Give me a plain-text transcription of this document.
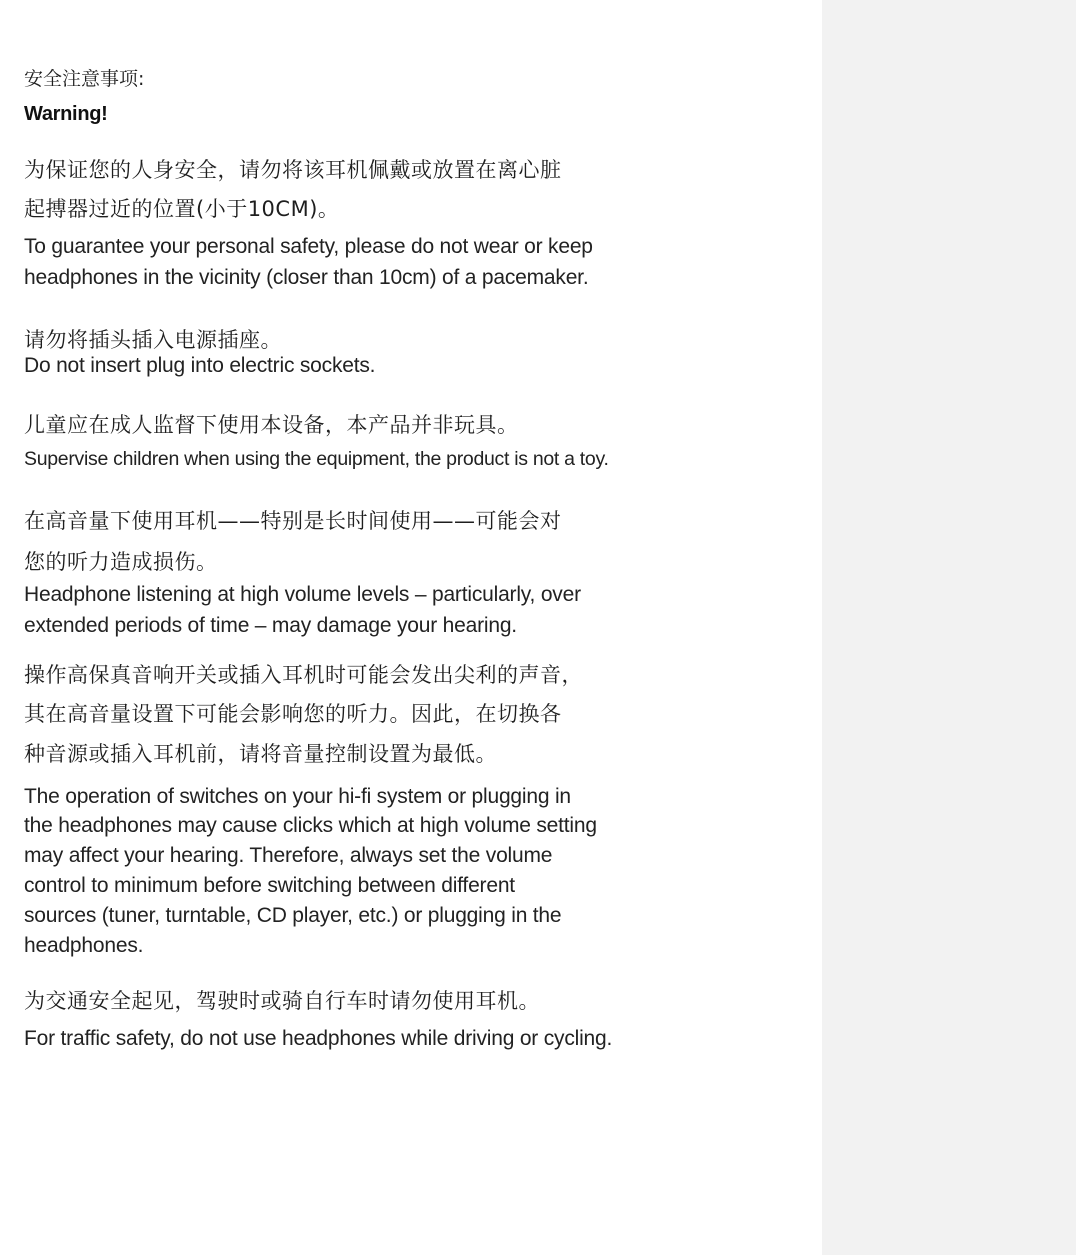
安全注意事项:
Warning!
为保证您的人身安全，请勿将该耳机佩戴或放置在离心脏
起搏器过近的位置(小于10CM)。
To guarantee your personal safety, please do not wear or keep
headphones in the vicinity (closer than 10cm) of a pacemaker.
请勿将插头插入电源插座。
Do not insert plug into electric sockets.
儿童应在成人监督下使用本设备，本产品并非玩具。
Supervise children when using the equipment, the product is not a toy.
在高音量下使用耳机——特别是长时间使用——可能会对
您的听力造成损伤。
Headphone listening at high volume levels – particularly, over
extended periods of time – may damage your hearing.
操作高保真音响开关或插入耳机时可能会发出尖利的声音，
其在高音量设置下可能会影响您的听力。因此，在切换各
种音源或插入耳机前，请将音量控制设置为最低。
The operation of switches on your hi-fi system or plugging in
the headphones may cause clicks which at high volume setting
may affect your hearing. Therefore, always set the volume
control to minimum before switching between different
sources (tuner, turntable, CD player, etc.) or plugging in the
headphones.
为交通安全起见，驾驶时或骑自行车时请勿使用耳机。
For traffic safety, do not use headphones while driving or cycling.
